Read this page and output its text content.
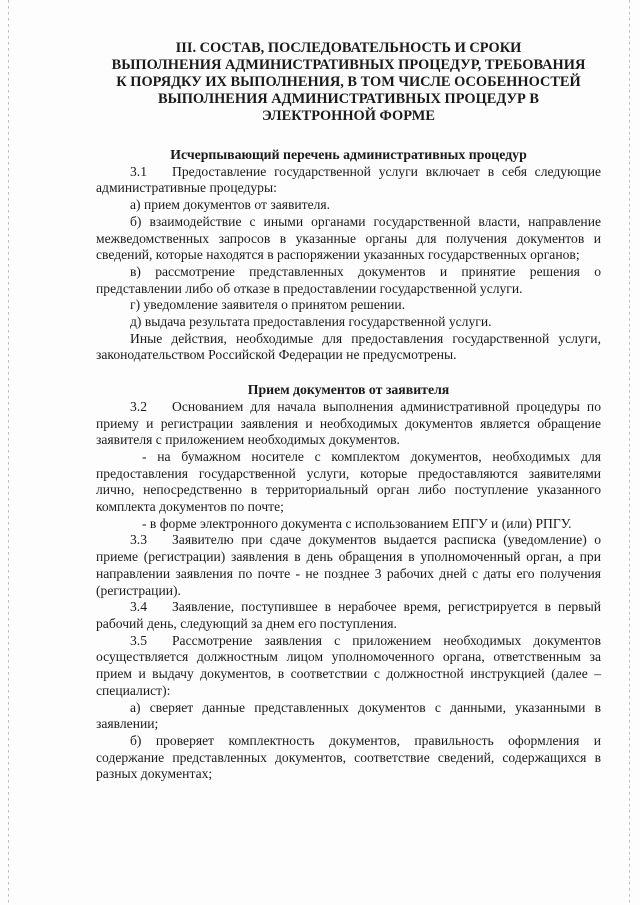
III. СОСТАВ, ПОСЛЕДОВАТЕЛЬНОСТЬ И СРОКИ
ВЫПОЛНЕНИЯ АДМИНИСТРАТИВНЫХ ПРОЦЕДУР, ТРЕБОВАНИЯ
К ПОРЯДКУ ИХ ВЫПОЛНЕНИЯ, В ТОМ ЧИСЛЕ ОСОБЕННОСТЕЙ
ВЫПОЛНЕНИЯ АДМИНИСТРАТИВНЫХ ПРОЦЕДУР В
ЭЛЕКТРОННОЙ ФОРМЕ
Исчерпывающий перечень административных процедур

3.1 Предоставление государственной услуги включает в себя следующие административные процедуры:

а) прием документов от заявителя.

б) взаимодействие с иными органами государственной власти, направление межведомственных запросов в указанные органы для получения документов и сведений, которые находятся в распоряжении указанных государственных органов;

в) рассмотрение представленных документов и принятие решения о представлении либо об отказе в предоставлении государственной услуги.

г) уведомление заявителя о принятом решении.

д) выдача результата предоставления государственной услуги.

Иные действия, необходимые для предоставления государственной услуги, законодательством Российской Федерации не предусмотрены.

Прием документов от заявителя

3.2 Основанием для начала выполнения административной процедуры по приему и регистрации заявления и необходимых документов является обращение заявителя с приложением необходимых документов.

- на бумажном носителе с комплектом документов, необходимых для предоставления государственной услуги, которые предоставляются заявителями лично, непосредственно в территориальный орган либо поступление указанного комплекта документов по почте;

- в форме электронного документа с использованием ЕПГУ и (или) РПГУ.

3.3 Заявителю при сдаче документов выдается расписка (уведомление) о приеме (регистрации) заявления в день обращения в уполномоченный орган, а при направлении заявления по почте - не позднее 3 рабочих дней с даты его получения (регистрации).

3.4 Заявление, поступившее в нерабочее время, регистрируется в первый рабочий день, следующий за днем его поступления.

3.5 Рассмотрение заявления с приложением необходимых документов осуществляется должностным лицом уполномоченного органа, ответственным за прием и выдачу документов, в соответствии с должностной инструкцией (далее – специалист):

а) сверяет данные представленных документов с данными, указанными в заявлении;

б) проверяет комплектность документов, правильность оформления и содержание представленных документов, соответствие сведений, содержащихся в разных документах;
